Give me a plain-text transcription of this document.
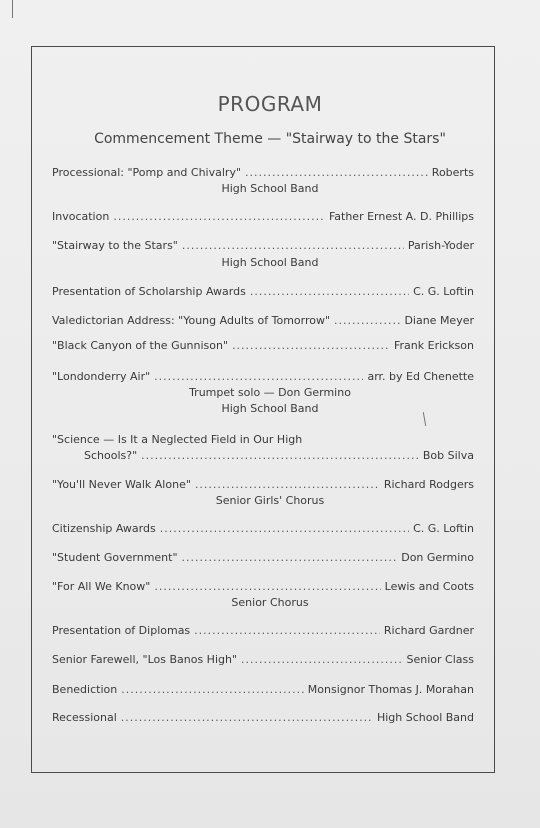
PROGRAM
Commencement Theme — "Stairway to the Stars"
Processional: "Pomp and Chivalry" .....	Roberts
High School Band
Invocation .....	Father Ernest A. D. Phillips
"Stairway to the Stars" .....	Parish-Yoder
High School Band
Presentation of Scholarship Awards .....	C. G. Loftin
Valedictorian Address: "Young Adults of Tomorrow" .....	Diane Meyer
"Black Canyon of the Gunnison" .....	Frank Erickson
"Londonderry Air" .....	arr. by Ed Chenette
Trumpet solo — Don Germino
High School Band
"Science — Is It a Neglected Field in Our High
Schools?" .....	Bob Silva
"You'll Never Walk Alone" .....	Richard Rodgers
Senior Girls' Chorus
Citizenship Awards .....	C. G. Loftin
"Student Government" .....	Don Germino
"For All We Know" .....	Lewis and Coots
Senior Chorus
Presentation of Diplomas .....	Richard Gardner
Senior Farewell, "Los Banos High" .....	Senior Class
Benediction .....	Monsignor Thomas J. Morahan
Recessional .....	High School Band
